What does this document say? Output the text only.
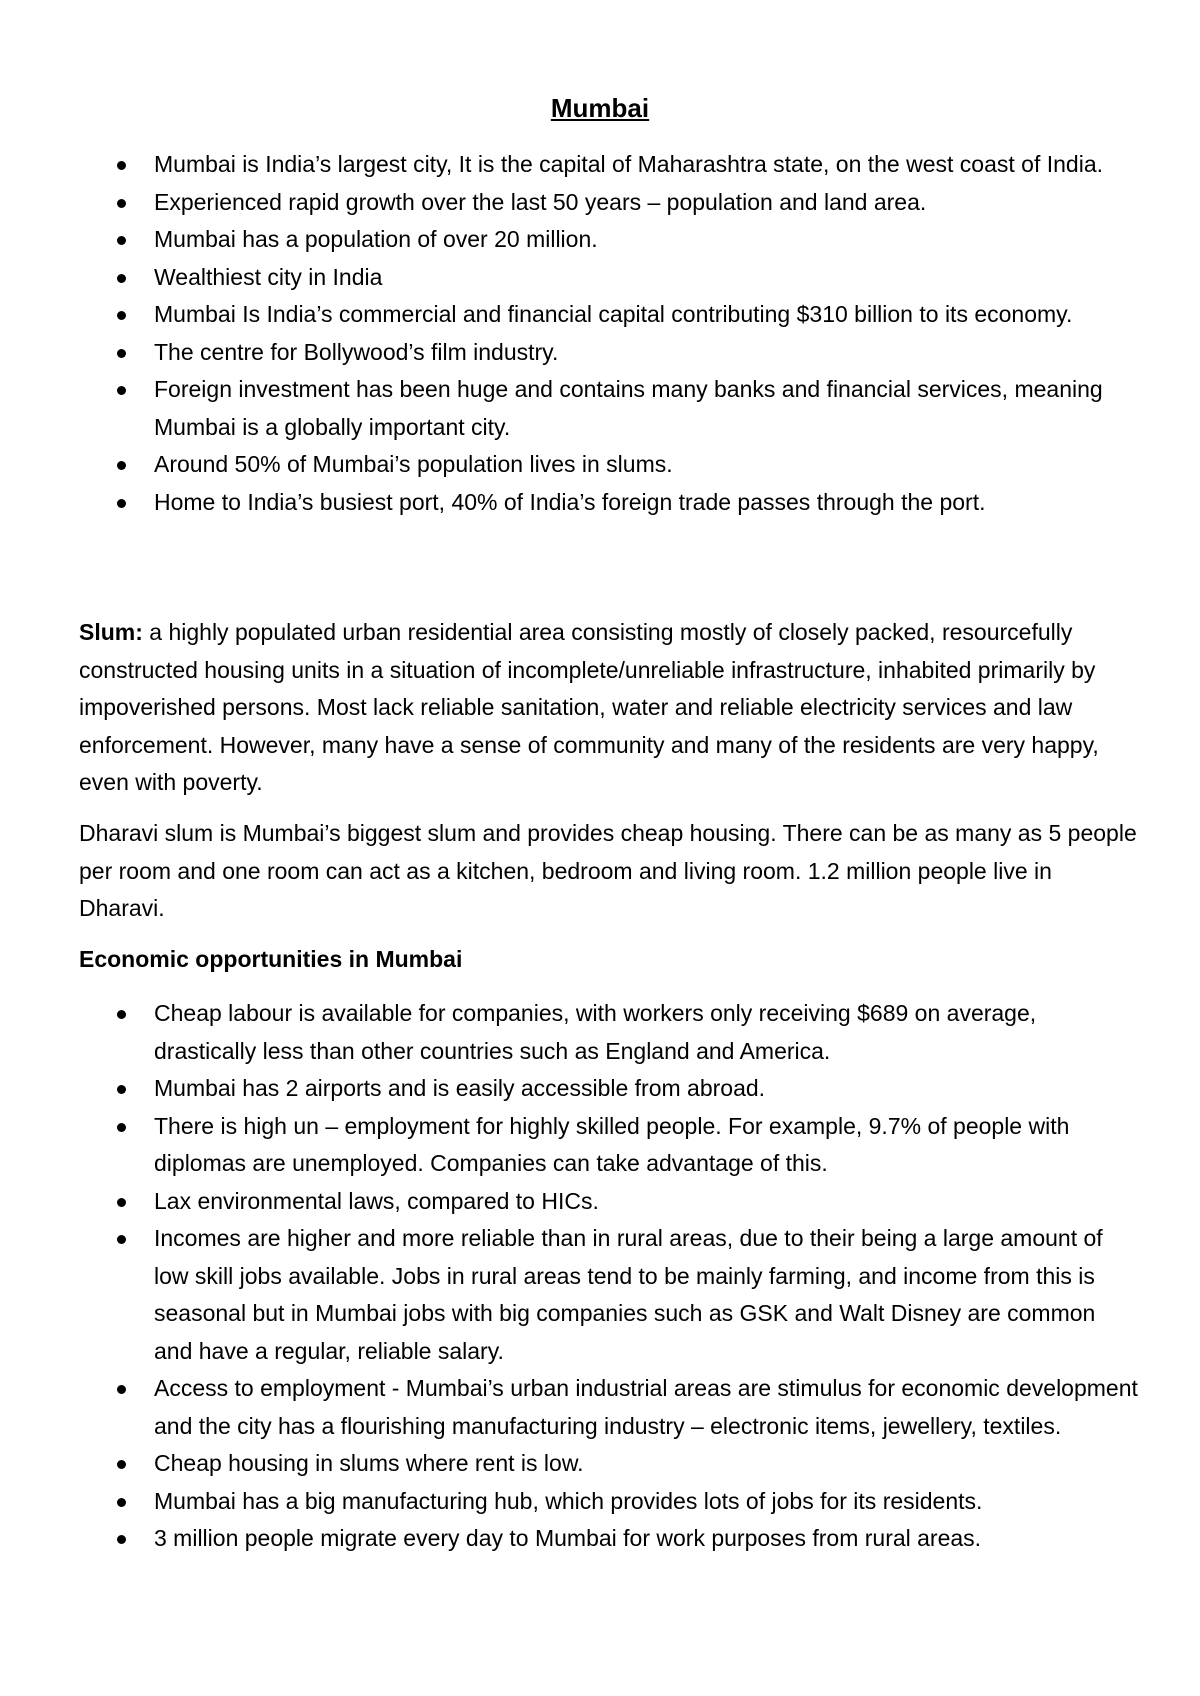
Mumbai
Mumbai is India’s largest city, It is the capital of Maharashtra state, on the west coast of India.
Experienced rapid growth over the last 50 years – population and land area.
Mumbai has a population of over 20 million.
Wealthiest city in India
Mumbai Is India’s commercial and financial capital contributing $310 billion to its economy.
The centre for Bollywood’s film industry.
Foreign investment has been huge and contains many banks and financial services, meaning Mumbai is a globally important city.
Around 50% of Mumbai’s population lives in slums.
Home to India’s busiest port, 40% of India’s foreign trade passes through the port.

Slum: a highly populated urban residential area consisting mostly of closely packed, resourcefully constructed housing units in a situation of incomplete/unreliable infrastructure, inhabited primarily by impoverished persons. Most lack reliable sanitation, water and reliable electricity services and law enforcement. However, many have a sense of community and many of the residents are very happy, even with poverty.

Dharavi slum is Mumbai’s biggest slum and provides cheap housing. There can be as many as 5 people per room and one room can act as a kitchen, bedroom and living room. 1.2 million people live in Dharavi.

Economic opportunities in Mumbai

Cheap labour is available for companies, with workers only receiving $689 on average, drastically less than other countries such as England and America.
Mumbai has 2 airports and is easily accessible from abroad.
There is high un – employment for highly skilled people. For example, 9.7% of people with diplomas are unemployed. Companies can take advantage of this.
Lax environmental laws, compared to HICs.
Incomes are higher and more reliable than in rural areas, due to their being a large amount of low skill jobs available. Jobs in rural areas tend to be mainly farming, and income from this is seasonal but in Mumbai jobs with big companies such as GSK and Walt Disney are common and have a regular, reliable salary.
Access to employment - Mumbai’s urban industrial areas are stimulus for economic development and the city has a flourishing manufacturing industry – electronic items, jewellery, textiles.
Cheap housing in slums where rent is low.
Mumbai has a big manufacturing hub, which provides lots of jobs for its residents.
3 million people migrate every day to Mumbai for work purposes from rural areas.
